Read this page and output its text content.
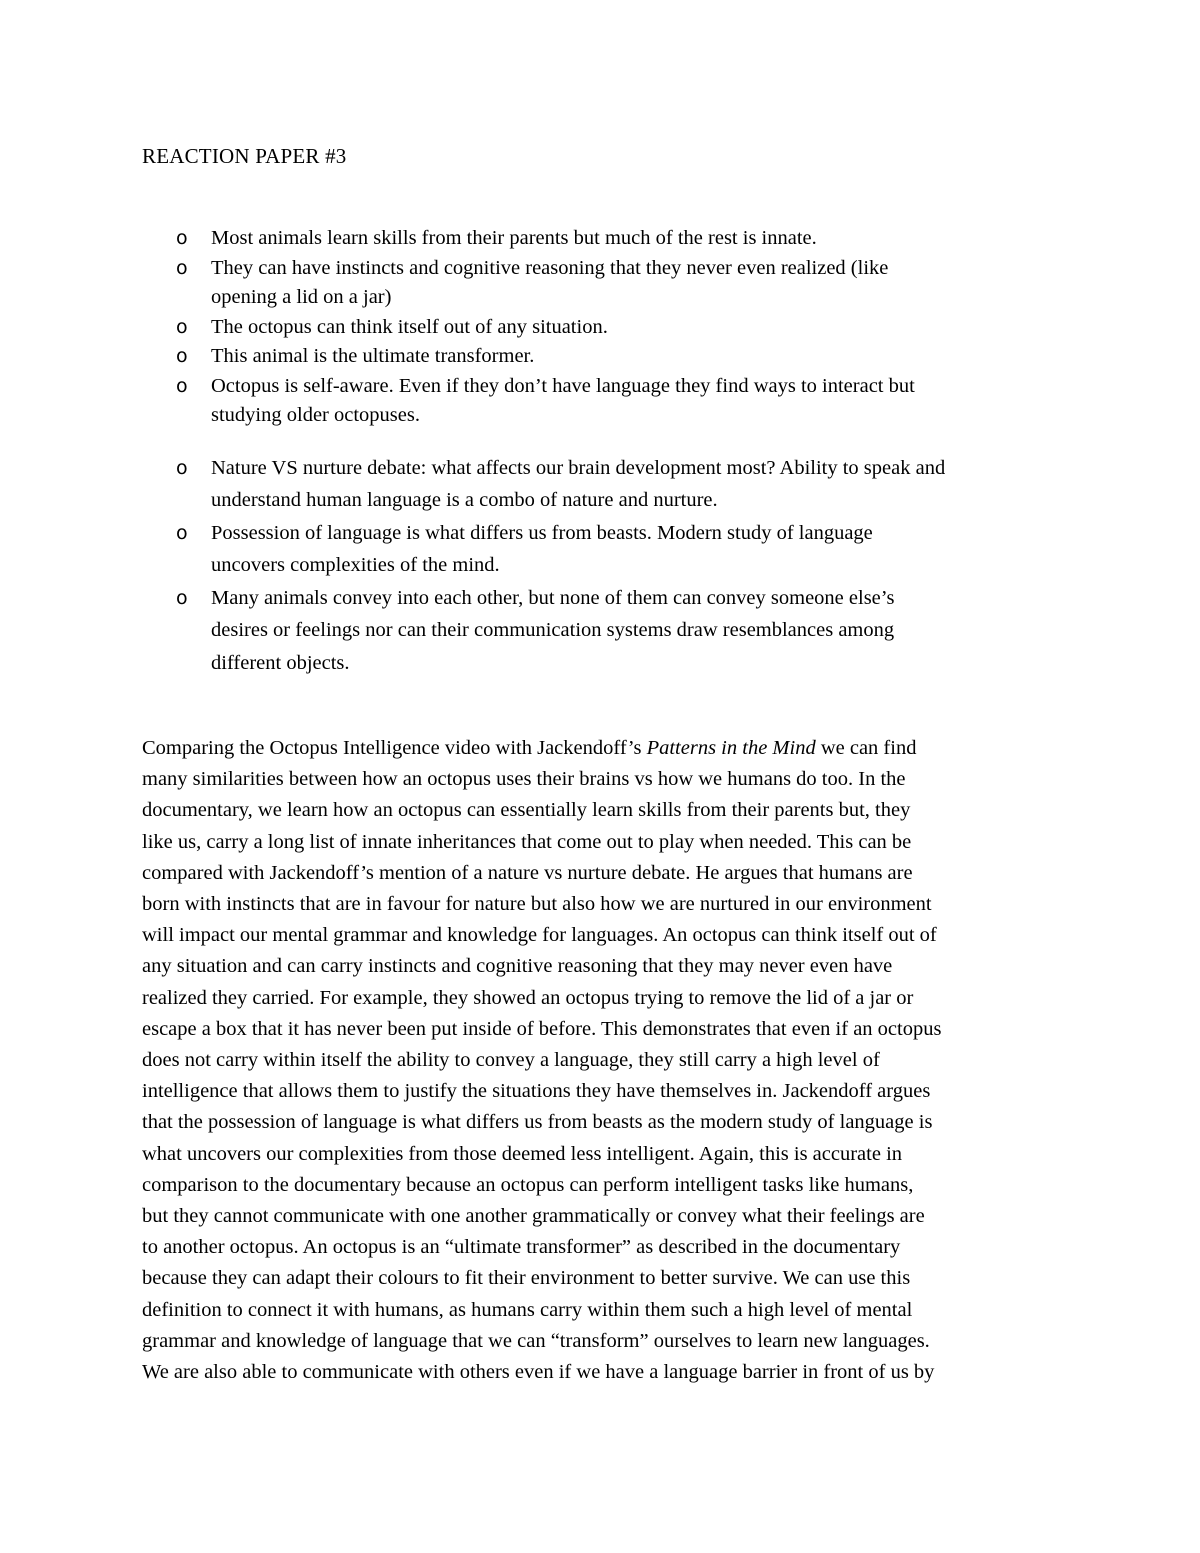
REACTION PAPER #3
o Most animals learn skills from their parents but much of the rest is innate.
o They can have instincts and cognitive reasoning that they never even realized (like
opening a lid on a jar)
o The octopus can think itself out of any situation.
o This animal is the ultimate transformer.
o Octopus is self-aware. Even if they don’t have language they find ways to interact but
studying older octopuses.
o Nature VS nurture debate: what affects our brain development most? Ability to speak and
understand human language is a combo of nature and nurture.
o Possession of language is what differs us from beasts. Modern study of language
uncovers complexities of the mind.
o Many animals convey into each other, but none of them can convey someone else’s
desires or feelings nor can their communication systems draw resemblances among
different objects.

Comparing the Octopus Intelligence video with Jackendoff’s Patterns in the Mind we can find
many similarities between how an octopus uses their brains vs how we humans do too. In the
documentary, we learn how an octopus can essentially learn skills from their parents but, they
like us, carry a long list of innate inheritances that come out to play when needed. This can be
compared with Jackendoff’s mention of a nature vs nurture debate. He argues that humans are
born with instincts that are in favour for nature but also how we are nurtured in our environment
will impact our mental grammar and knowledge for languages. An octopus can think itself out of
any situation and can carry instincts and cognitive reasoning that they may never even have
realized they carried. For example, they showed an octopus trying to remove the lid of a jar or
escape a box that it has never been put inside of before. This demonstrates that even if an octopus
does not carry within itself the ability to convey a language, they still carry a high level of
intelligence that allows them to justify the situations they have themselves in. Jackendoff argues
that the possession of language is what differs us from beasts as the modern study of language is
what uncovers our complexities from those deemed less intelligent. Again, this is accurate in
comparison to the documentary because an octopus can perform intelligent tasks like humans,
but they cannot communicate with one another grammatically or convey what their feelings are
to another octopus. An octopus is an “ultimate transformer” as described in the documentary
because they can adapt their colours to fit their environment to better survive. We can use this
definition to connect it with humans, as humans carry within them such a high level of mental
grammar and knowledge of language that we can “transform” ourselves to learn new languages.
We are also able to communicate with others even if we have a language barrier in front of us by
